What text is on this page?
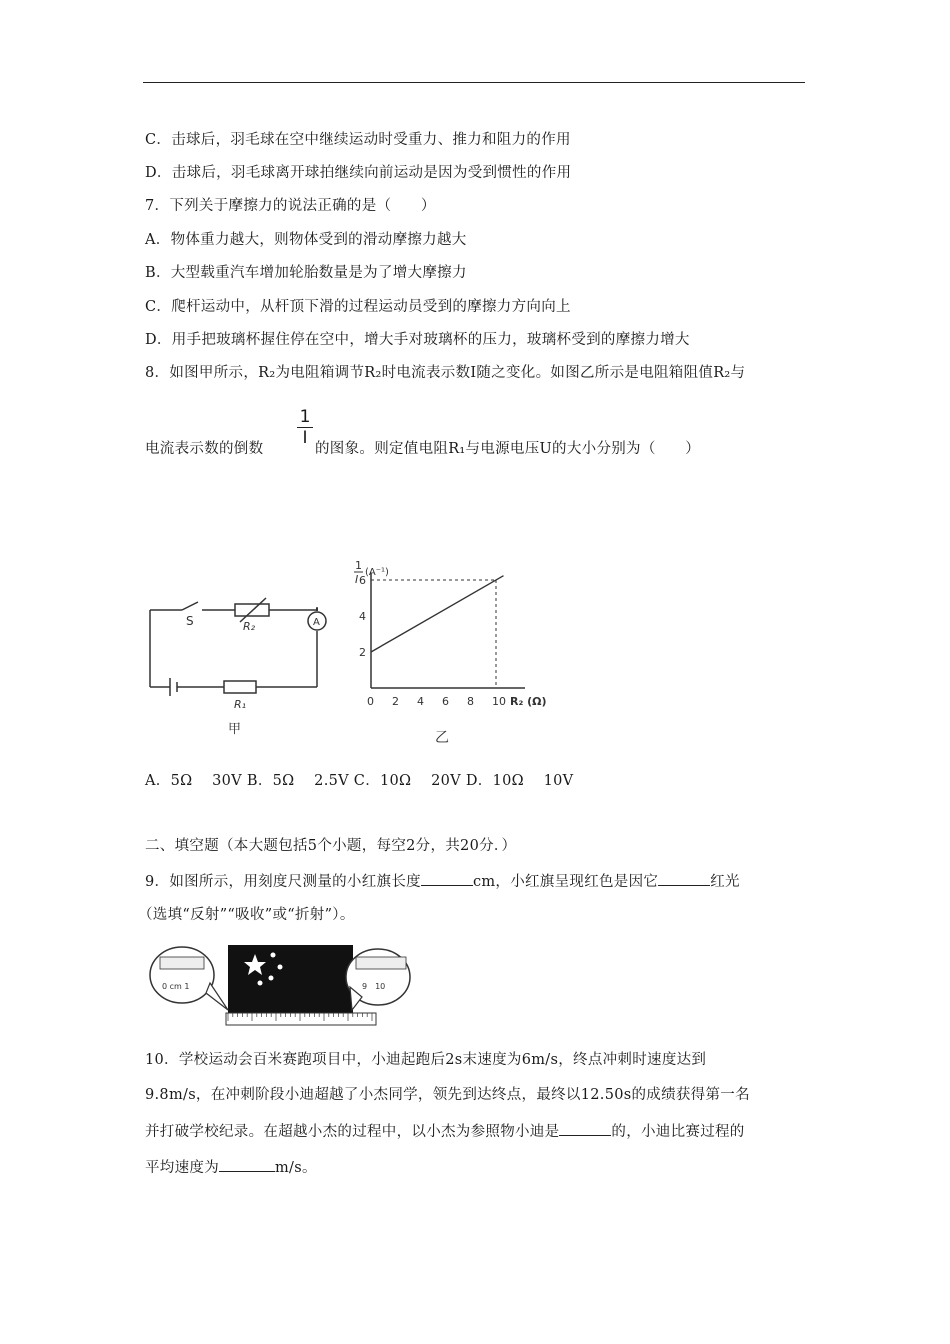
C．击球后，羽毛球在空中继续运动时受重力、推力和阻力的作用
D．击球后，羽毛球离开球拍继续向前运动是因为受到惯性的作用
7．下列关于摩擦力的说法正确的是（　　）
A．物体重力越大，则物体受到的滑动摩擦力越大
B．大型载重汽车增加轮胎数量是为了增大摩擦力
C．爬杆运动中，从杆顶下滑的过程运动员受到的摩擦力方向向上
D．用手把玻璃杯握住停在空中，增大手对玻璃杯的压力，玻璃杯受到的摩擦力增大
8．如图甲所示，R₂为电阻箱调节R₂时电流表示数I随之变化。如图乙所示是电阻箱阻值R₂与
电流表示数的倒数
$\frac{1}{I}$
的图象。则定值电阻R₁与电源电压U的大小分别为（　　）
S	R₂	A
R₁
甲
1
I
(A⁻¹)
R₂ (Ω)
乙
0 2 4 6 8 10
2
4
6
A．5Ω　 30V B．5Ω　 2.5V C．10Ω　 20V D．10Ω　 10V
二、填空题（本大题包括5个小题，每空2分，共20分．）
9．如图所示，用刻度尺测量的小红旗长度	cm，小红旗呈现红色是因它	红光
（选填“反射”“吸收”或“折射”）。
0 cm 1	9　10
10．学校运动会百米赛跑项目中，小迪起跑后2s末速度为6m/s，终点冲刺时速度达到
9.8m/s，在冲刺阶段小迪超越了小杰同学，领先到达终点，最终以12.50s的成绩获得第一名
并打破学校纪录。在超越小杰的过程中，以小杰为参照物小迪是	的，小迪比赛过程的
平均速度为	m/s。
